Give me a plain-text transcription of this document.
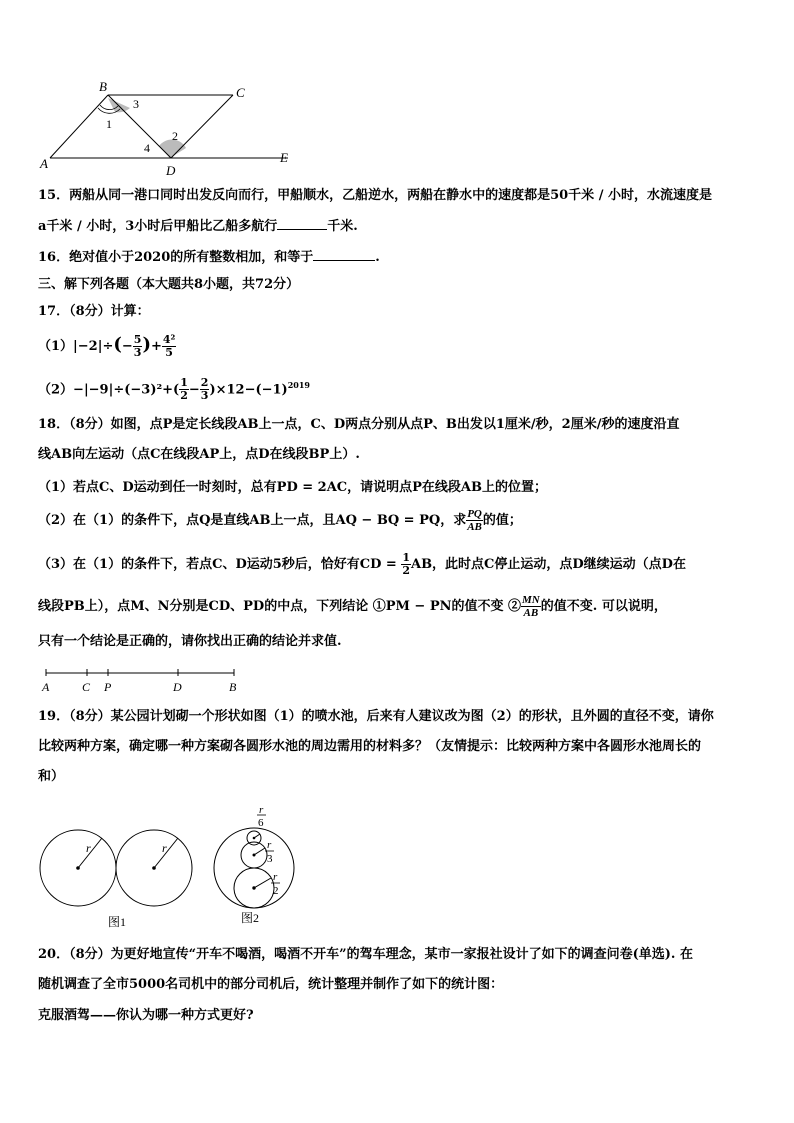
A
B	C
D
E
1
2
3
4
15．两船从同一港口同时出发反向而行，甲船顺水，乙船逆水，两船在静水中的速度都是50千米 / 小时，水流速度是
a千米 / 小时，3小时后甲船比乙船多航行	千米.
16．绝对值小于2020的所有整数相加，和等于	.
三、解下列各题（本大题共8小题，共72分）
17．（8分）计算：
$(1)|-2|\div(- \frac{5}{3}$ )+ $\frac{\text{4²}}{5}$
$(2)-|-9|\div(-3)^2+( \frac{1}{2} - \frac{2}{3} )\times 12-(-1)^{2019}$
18．（8分）如图，点P是定长线段AB上一点，C、D两点分别从点P、B出发以1厘米/秒，2厘米/秒的速度沿直
线AB向左运动（点C在线段AP上，点D在线段BP上）.
（1）若点C、D运动到任一时刻时，总有PD = 2AC，请说明点P在线段AB上的位置；
（2）在（1）的条件下，点Q是直线AB上一点，且AQ − BQ = PQ，求 $\frac{PQ}{AB}$ 的值；
（3）在（1）的条件下，若点C、D运动5秒后，恰好有CD = $\frac{1}{2}$ AB，此时点C停止运动，点D继续运动（点D在
线段PB上），点M、N分别是CD、PD的中点，下列结论 ①PM − PN的值不变 ② $\frac{MN}{AB}$ 的值不变. 可以说明，
只有一个结论是正确的，请你找出正确的结论并求值.
A	C P	D	B
19．（8分）某公园计划砌一个形状如图（1）的喷水池，后来有人建议改为图（2）的形状，且外圆的直径不变，请你
比较两种方案，确定哪一种方案砌各圆形水池的周边需用的材料多？（友情提示：比较两种方案中各圆形水池周长的
和）
r	r
图1
r
6
r
3
r
2
图2
20．（8分）为更好地宣传“开车不喝酒，喝酒不开车”的驾车理念，某市一家报社设计了如下的调查问卷(单选). 在
随机调查了全市5000名司机中的部分司机后，统计整理并制作了如下的统计图：
克服酒驾——你认为哪一种方式更好?
